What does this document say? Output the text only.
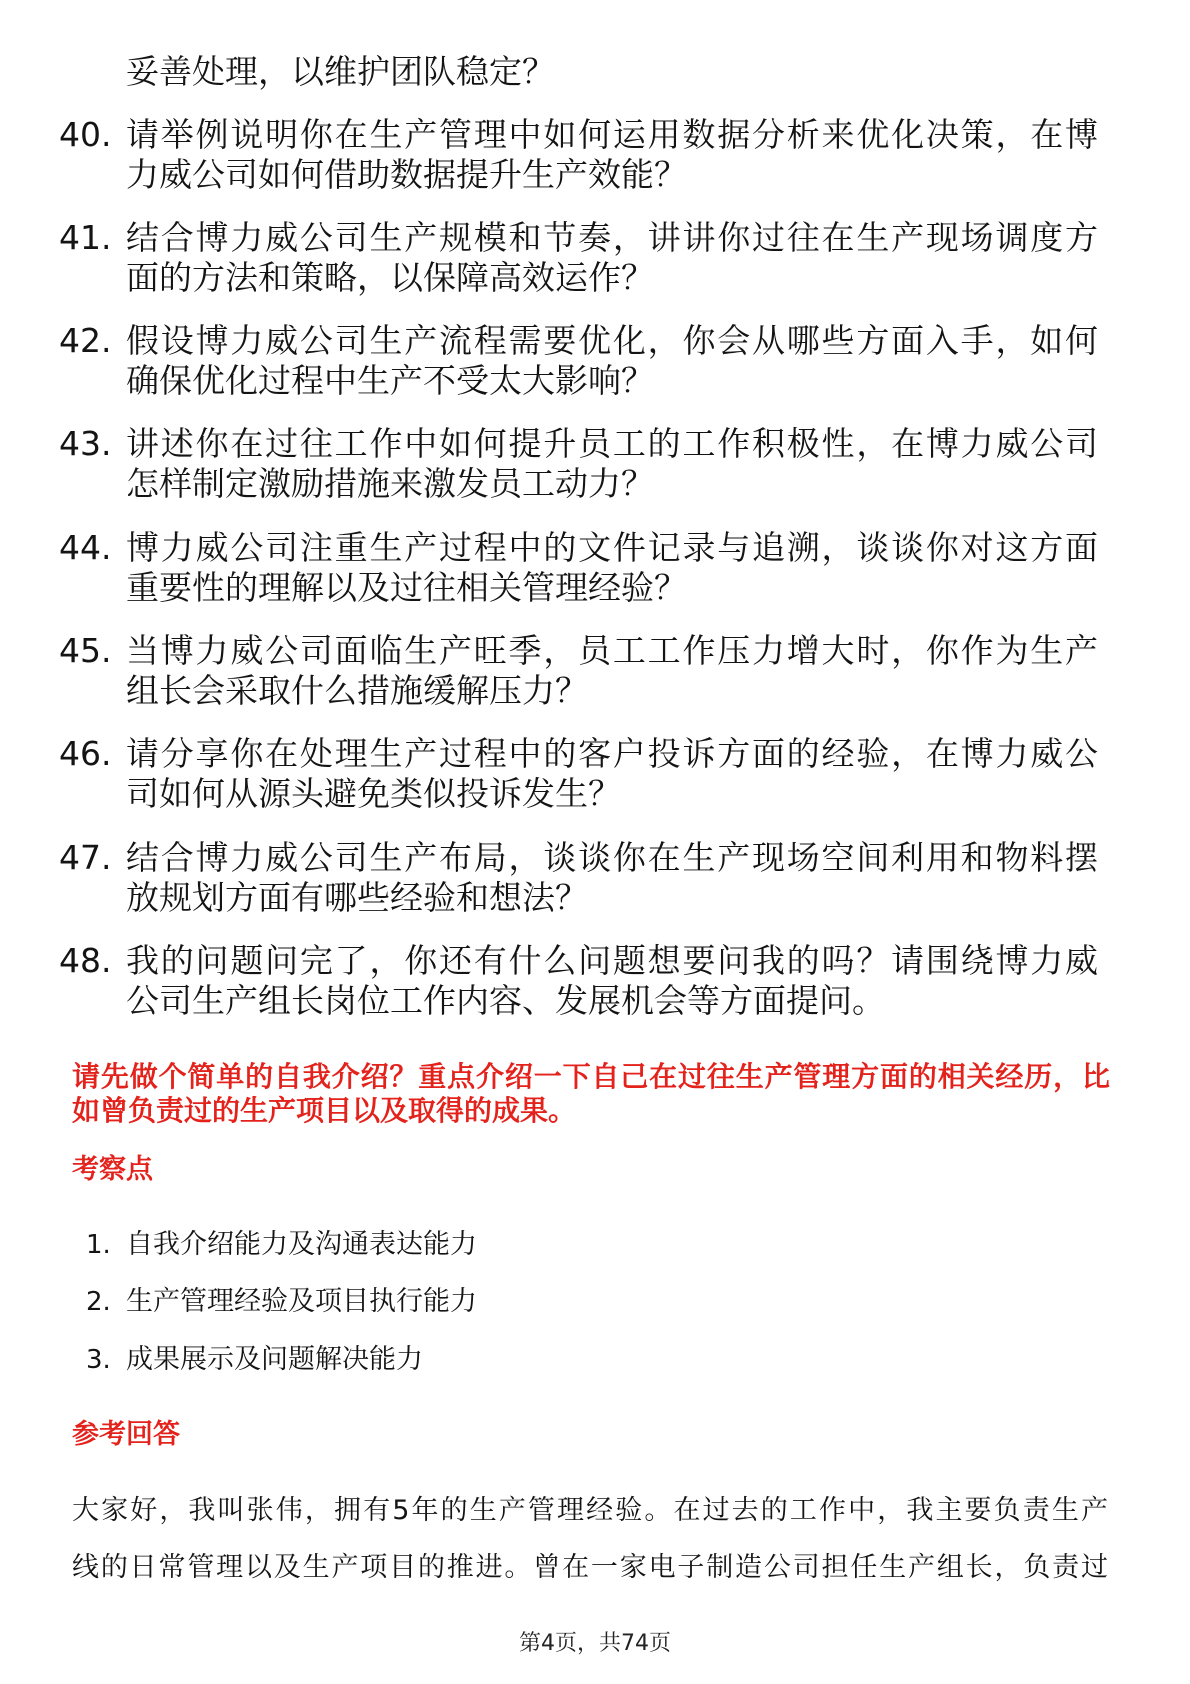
妥善处理，以维护团队稳定？
40. 请举例说明你在生产管理中如何运用数据分析来优化决策，在博
力威公司如何借助数据提升生产效能？
41. 结合博力威公司生产规模和节奏，讲讲你过往在生产现场调度方
面的方法和策略，以保障高效运作？
42. 假设博力威公司生产流程需要优化，你会从哪些方面入手，如何
确保优化过程中生产不受太大影响？
43. 讲述你在过往工作中如何提升员工的工作积极性，在博力威公司
怎样制定激励措施来激发员工动力？
44. 博力威公司注重生产过程中的文件记录与追溯，谈谈你对这方面
重要性的理解以及过往相关管理经验？
45. 当博力威公司面临生产旺季，员工工作压力增大时，你作为生产
组长会采取什么措施缓解压力？
46. 请分享你在处理生产过程中的客户投诉方面的经验，在博力威公
司如何从源头避免类似投诉发生？
47. 结合博力威公司生产布局，谈谈你在生产现场空间利用和物料摆
放规划方面有哪些经验和想法？
48. 我的问题问完了，你还有什么问题想要问我的吗？请围绕博力威
公司生产组长岗位工作内容、发展机会等方面提问。
请先做个简单的自我介绍？重点介绍一下自己在过往生产管理方面的相关经历，比
如曾负责过的生产项目以及取得的成果。
考察点
1. 自我介绍能力及沟通表达能力
2. 生产管理经验及项目执行能力
3. 成果展示及问题解决能力
参考回答
大家好，我叫张伟，拥有5年的生产管理经验。在过去的工作中，我主要负责生产
线的日常管理以及生产项目的推进。曾在一家电子制造公司担任生产组长，负责过
第4页，共74页
